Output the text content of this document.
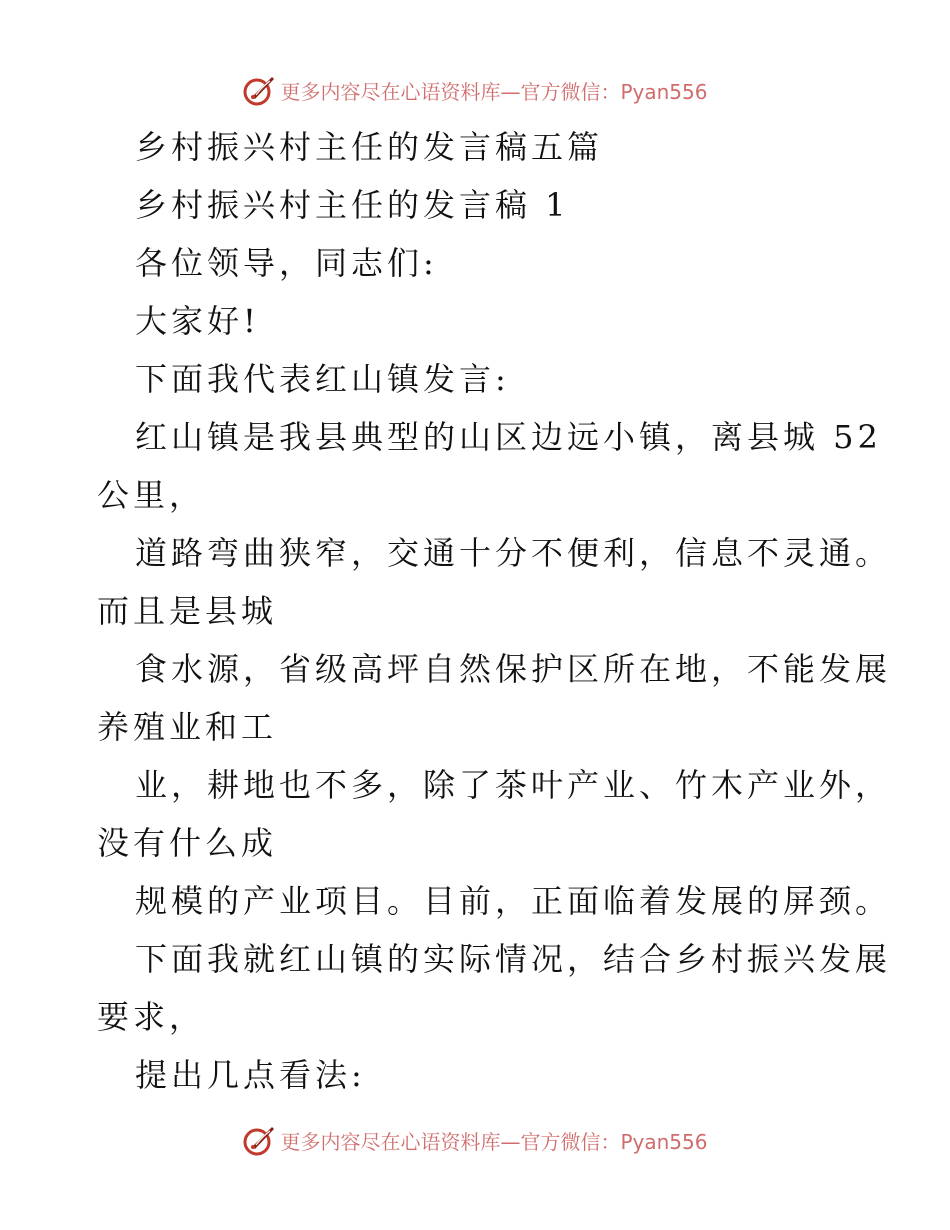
更多内容尽在心语资料库—官方微信：Pyan556
乡村振兴村主任的发言稿五篇
乡村振兴村主任的发言稿 1
各位领导，同志们:
大家好!
下面我代表红山镇发言:
红山镇是我县典型的山区边远小镇，离县城 52
公里，
道路弯曲狭窄，交通十分不便利，信息不灵通。
而且是县城
食水源，省级高坪自然保护区所在地，不能发展
养殖业和工
业，耕地也不多，除了茶叶产业、竹木产业外，
没有什么成
规模的产业项目。目前，正面临着发展的屏颈。
下面我就红山镇的实际情况，结合乡村振兴发展
要求，
提出几点看法:
更多内容尽在心语资料库—官方微信：Pyan556
